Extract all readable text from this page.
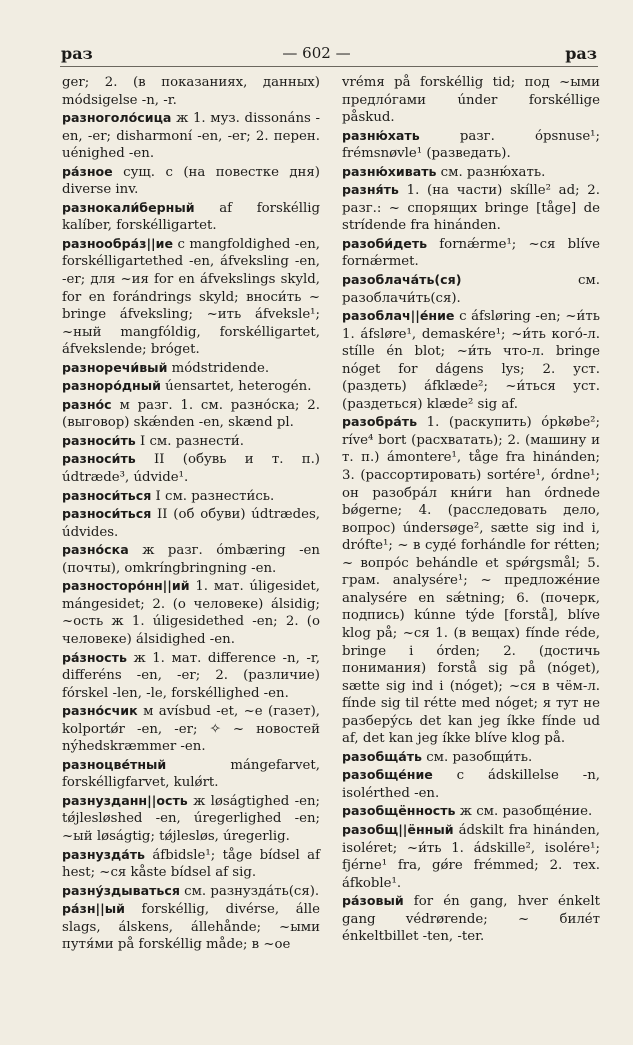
раз	— 602 —	раз

ger; 2. (в показаниях, данных) módsigelse -n, -r.

разноголо́сица ж 1. муз. dissonáns -en, -er; disharmoní -en, -er; 2. перен. uénighed -en.

ра́зное сущ. с (на повестке дня) diverse inv.

разнокали́берный af forskéllig kalíber, forskélligartet.

разнообра́з||ие с mangfoldighed -en, forskélligartethed -en, áfveksling -en, -er; для ~ия for en áfvekslings skyld, for en forándrings skyld; вноси́ть ~ bringe áfveksling; ~ить áfveksle¹; ~ный mangfóldig, forskélligartet, áfvekslende; bróget.

разноречи́вый módstridende.

разноро́дный úensartet, heterogén.

разно́с м разг. 1. см. разно́ска; 2. (выговор) skǽnden -en, skænd pl.

разноси́ть I см. разнести́.

разноси́ть II (обувь и т. п.) údtræde³, údvide¹.

разноси́ться I см. разнести́сь.

разноси́ться II (об обуви) údtrædes, údvides.

разно́ска ж разг. ómbæring -en (почты), omkríngbringning -en.

разносторо́нн||ий 1. мат. úligesidet, mángesidet; 2. (о человеке) álsidig; ~ость ж 1. úligesidethed -en; 2. (о человеке) álsidighed -en.

ра́зность ж 1. мат. difference -n, -r, differéns -en, -er; 2. (различие) fórskel -len, -le, forskéllighed -en.

разно́счик м avísbud -et, ~e (газет), kolportǿr -en, -er; ✧ ~ новостей nýhedskræmmer -en.

разноцве́тный mángefarvet, forskélligfarvet, kulǿrt.

разнузданн||ость ж løságtighed -en; tǿjlesløshed -en, úregerlighed -en; ~ый løságtig; tǿjlesløs, úregerlig.

разнузда́ть áfbidsle¹; tåge bídsel af hest; ~ся kåste bídsel af sig.

разну́здываться см. разнузда́ть(ся).

ра́зн||ый forskéllig, divérse, álle slags, álskens, állehånde; ~ыми путя́ми på forskéllig måde; в ~ое

vrémя på forskéllig tid; под ~ыми предло́гами únder forskéllige påskud.

разню́хать разг. ópsnuse¹; frémsnøvle¹ (разведать).

разню́хивать см. разню́хать.

разня́ть 1. (на части) skílle² ad; 2. разг.: ~ спорящих bringe [tåge] de strídende fra hinánden.

разоби́деть fornǽrme¹; ~ся blíve fornǽrmet.

разоблача́ть(ся) см. разоблачи́ть(ся).

разоблач||е́ние с áfsløring -en; ~и́ть 1. áfsløre¹, demaskére¹; ~и́ть кого́-л. stílle én blot; ~и́ть что-л. bringe nóget for dágens lys; 2. уст. (раздеть) áfklæde²; ~и́ться уст. (раздеться) klæde² sig af.

разобра́ть 1. (раскупить) ópkøbe²; ríve⁴ bort (расхватать); 2. (машину и т. п.) ámontere¹, tåge fra hinánden; 3. (рассортировать) sortére¹, órdne¹; он разобра́л кни́ги han órdnede bǿgerne; 4. (расследовать дело, вопрос) úndersøge², sætte sig ind i, drófte¹; ~ в суде́ forhándle for rétten; ~ вопро́с behándle et spǿrgsmål; 5. грам. analysére¹; ~ предложе́ние analysére en sǽtning; 6. (почерк, подпись) kúnne týde [forstå], blíve klog på; ~ся 1. (в вещах) fínde réde, bringe i órden; 2. (достичь понимания) forstå sig på (nóget), sætte sig ind i (nóget); ~ся в чём-л. fínde sig til rétte med nóget; я тут не разберу́сь det kan jeg íkke fínde ud af, det kan jeg íkke blíve klog på.

разобща́ть см. разобщи́ть.

разобще́ние с ádskillelse -n, isolérthed -en.

разобщённость ж см. разобще́ние.

разобщ||ённый ádskilt fra hinánden, isolérеt; ~и́ть 1. ádskille², isolére¹; fjérne¹ fra, gǿre frémmed; 2. тех. áfkoble¹.

ра́зовый for én gang, hver énkelt gang védrørende; ~ биле́т énkeltbillet -ten, -ter.
